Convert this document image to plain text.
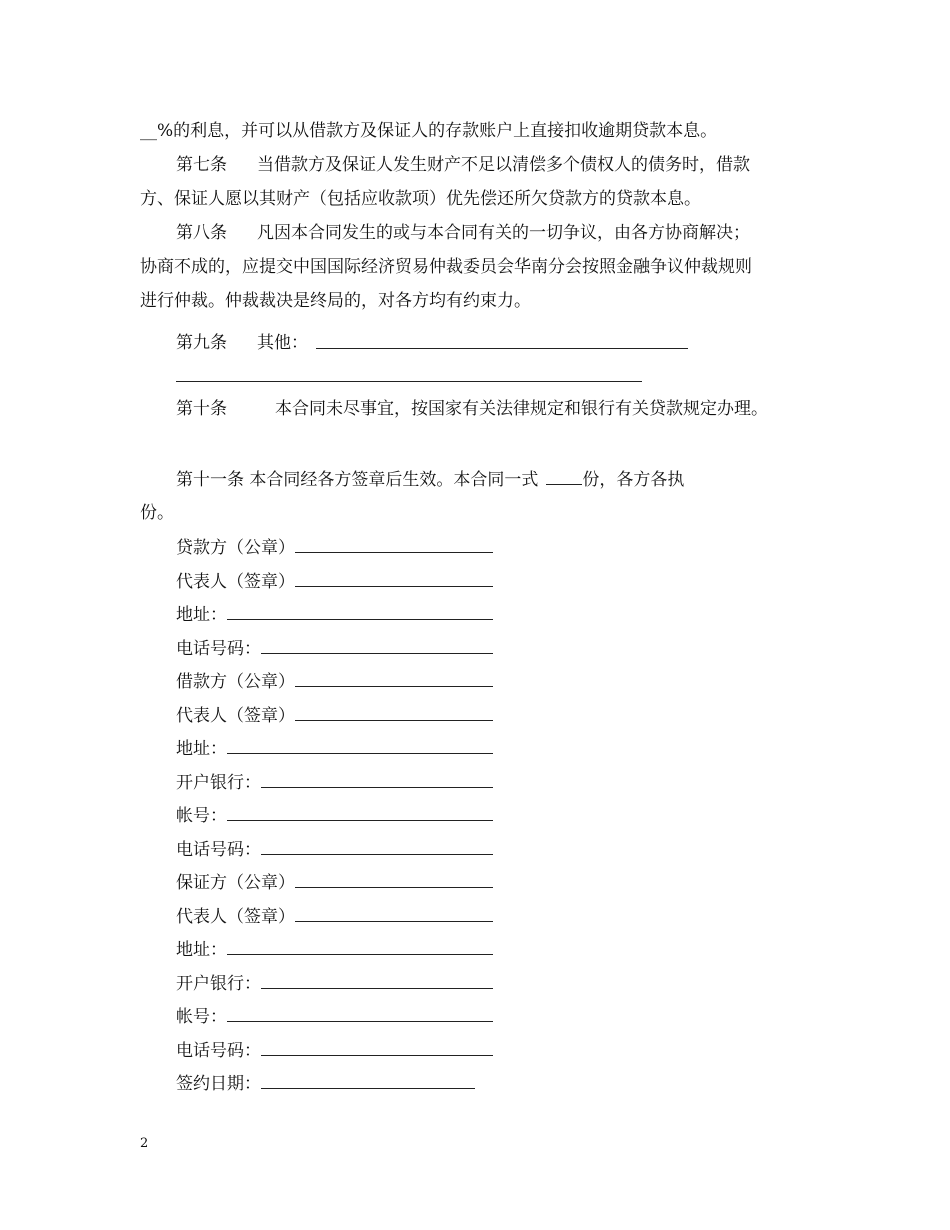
__%的利息，并可以从借款方及保证人的存款账户上直接扣收逾期贷款本息。
第七条 当借款方及保证人发生财产不足以清偿多个债权人的债务时，借款
方、保证人愿以其财产（包括应收款项）优先偿还所欠贷款方的贷款本息。
第八条 凡因本合同发生的或与本合同有关的一切争议，由各方协商解决；
协商不成的，应提交中国国际经济贸易仲裁委员会华南分会按照金融争议仲裁规则
进行仲裁。仲裁裁决是终局的，对各方均有约束力。
第九条 其他：
第十条	本合同未尽事宜，按国家有关法律规定和银行有关贷款规定办理。
第十一条 本合同经各方签章后生效。本合同一式	份，各方各执
份。
贷款方（公章）
代表人（签章）
地址：
电话号码：
借款方（公章）
代表人（签章）
地址：
开户银行：
帐号：
电话号码：
保证方（公章）
代表人（签章）
地址：
开户银行：
帐号：
电话号码：
签约日期：
2
